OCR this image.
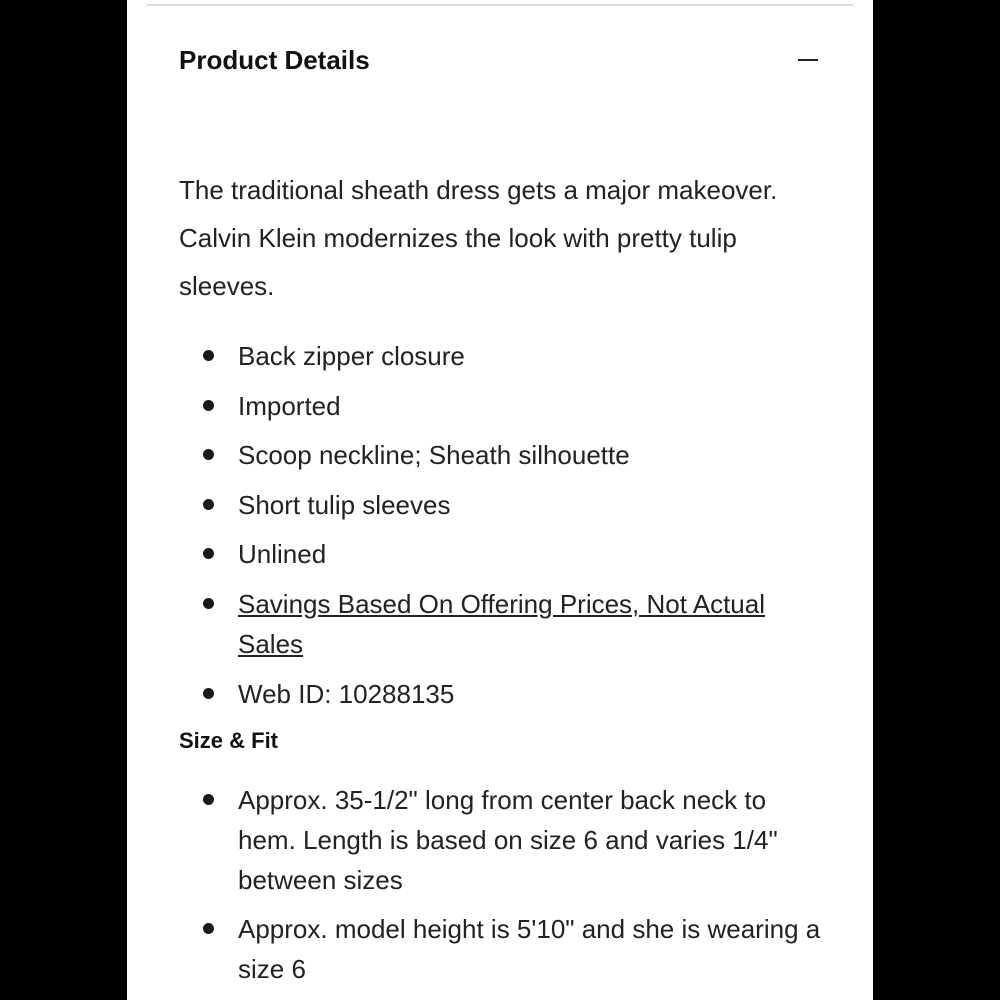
Product Details
The traditional sheath dress gets a major makeover. Calvin Klein modernizes the look with pretty tulip sleeves.
Back zipper closure
Imported
Scoop neckline; Sheath silhouette
Short tulip sleeves
Unlined
Savings Based On Offering Prices, Not Actual Sales
Web ID: 10288135
Size & Fit
Approx. 35-1/2" long from center back neck to hem. Length is based on size 6 and varies 1/4" between sizes
Approx. model height is 5'10" and she is wearing a size 6
